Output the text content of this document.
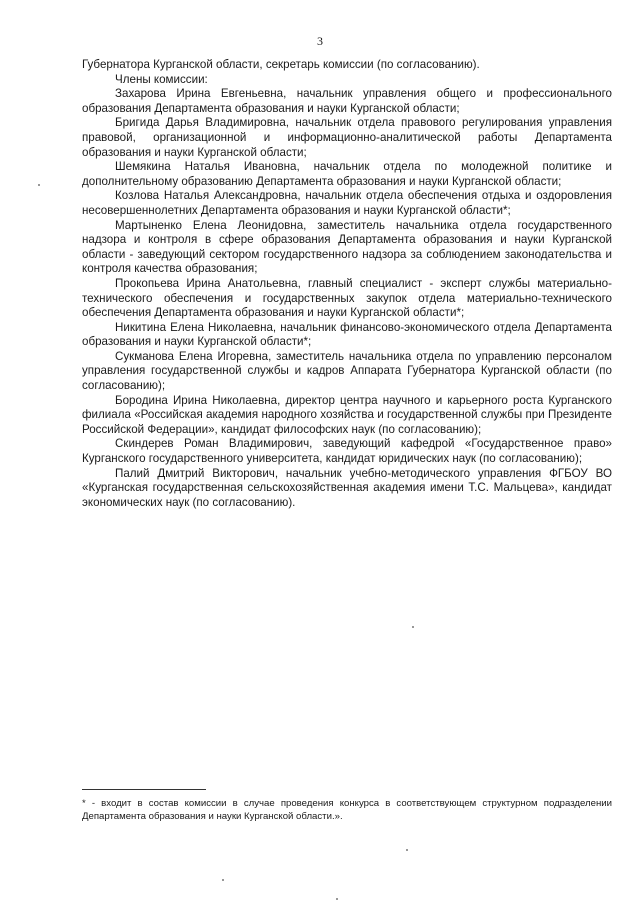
3

Губернатора Курганской области, секретарь комиссии (по согласованию).

Члены комиссии:

Захарова Ирина Евгеньевна, начальник управления общего и профессионального образования Департамента образования и науки Курганской области;

Бригида Дарья Владимировна, начальник отдела правового регулирования управления правовой, организационной и информационно-аналитической работы Департамента образования и науки Курганской области;

Шемякина Наталья Ивановна, начальник отдела по молодежной политике и дополнительному образованию Департамента образования и науки Курганской области;

Козлова Наталья Александровна, начальник отдела обеспечения отдыха и оздоровления несовершеннолетних Департамента образования и науки Курганской области*;

Мартыненко Елена Леонидовна, заместитель начальника отдела государственного надзора и контроля в сфере образования Департамента образования и науки Курганской области - заведующий сектором государственного надзора за соблюдением законодательства и контроля качества образования;

Прокопьева Ирина Анатольевна, главный специалист - эксперт службы материально-технического обеспечения и государственных закупок отдела материально-технического обеспечения Департамента образования и науки Курганской области*;

Никитина Елена Николаевна, начальник финансово-экономического отдела Департамента образования и науки Курганской области*;

Сукманова Елена Игоревна, заместитель начальника отдела по управлению персоналом управления государственной службы и кадров Аппарата Губернатора Курганской области (по согласованию);

Бородина Ирина Николаевна, директор центра научного и карьерного роста Курганского филиала «Российская академия народного хозяйства и государственной службы при Президенте Российской Федерации», кандидат философских наук (по согласованию);

Скиндерев Роман Владимирович, заведующий кафедрой «Государственное право» Курганского государственного университета, кандидат юридических наук (по согласованию);

Палий Дмитрий Викторович, начальник учебно-методического управления ФГБОУ ВО «Курганская государственная сельскохозяйственная академия имени Т.С. Мальцева», кандидат экономических наук (по согласованию).

* - входит в состав комиссии в случае проведения конкурса в соответствующем структурном подразделении Департамента образования и науки Курганской области.».
